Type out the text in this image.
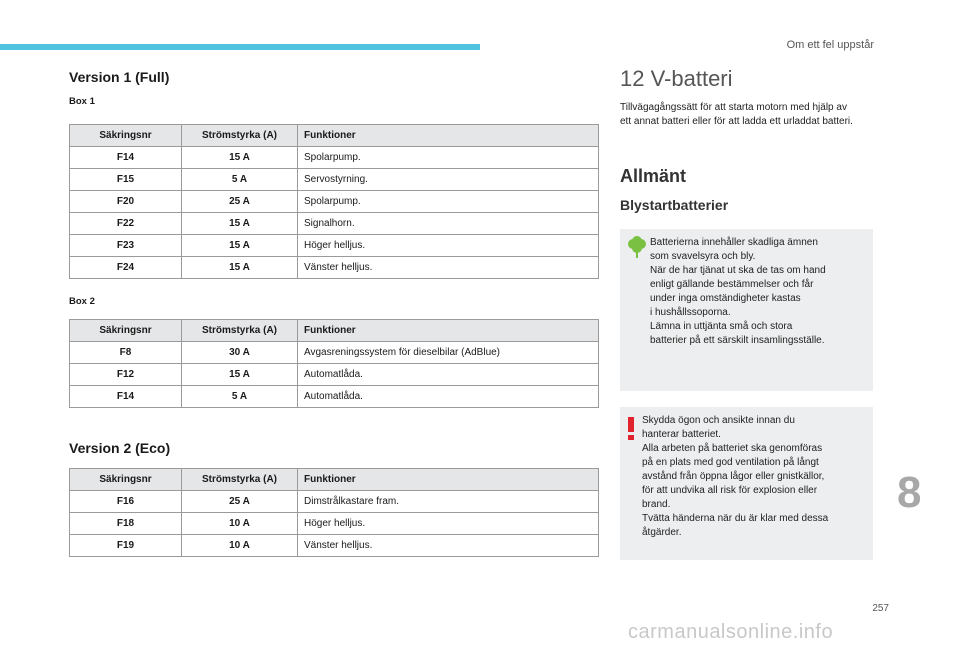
Om ett fel uppstår
Version 1 (Full)
Box 1
Säkringsnr	Strömstyrka (A)	Funktioner
F14	15 A	Spolarpump.
F15	5 A	Servostyrning.
F20	25 A	Spolarpump.
F22	15 A	Signalhorn.
F23	15 A	Höger helljus.
F24	15 A	Vänster helljus.
Box 2
Säkringsnr	Strömstyrka (A)	Funktioner
F8	30 A	Avgasreningssystem för dieselbilar (AdBlue)
F12	15 A	Automatlåda.
F14	5 A	Automatlåda.
Version 2 (Eco)
Säkringsnr	Strömstyrka (A)	Funktioner
F16	25 A	Dimstrålkastare fram.
F18	10 A	Höger helljus.
F19	10 A	Vänster helljus.
12 V-batteri
Tillvägagångssätt för att starta motorn med hjälp av ett annat batteri eller för att ladda ett urladdat batteri.
Allmänt
Blystartbatterier
Batterierna innehåller skadliga ämnen
som svavelsyra och bly.
När de har tjänat ut ska de tas om hand
enligt gällande bestämmelser och får
under inga omständigheter kastas
i hushållssoporna.
Lämna in uttjänta små och stora
batterier på ett särskilt insamlingsställe.
Skydda ögon och ansikte innan du
hanterar batteriet.
Alla arbeten på batteriet ska genomföras
på en plats med god ventilation på långt
avstånd från öppna lågor eller gnistkällor,
för att undvika all risk för explosion eller
brand.
Tvätta händerna när du är klar med dessa
åtgärder.
8
257
carmanualsonline.info
